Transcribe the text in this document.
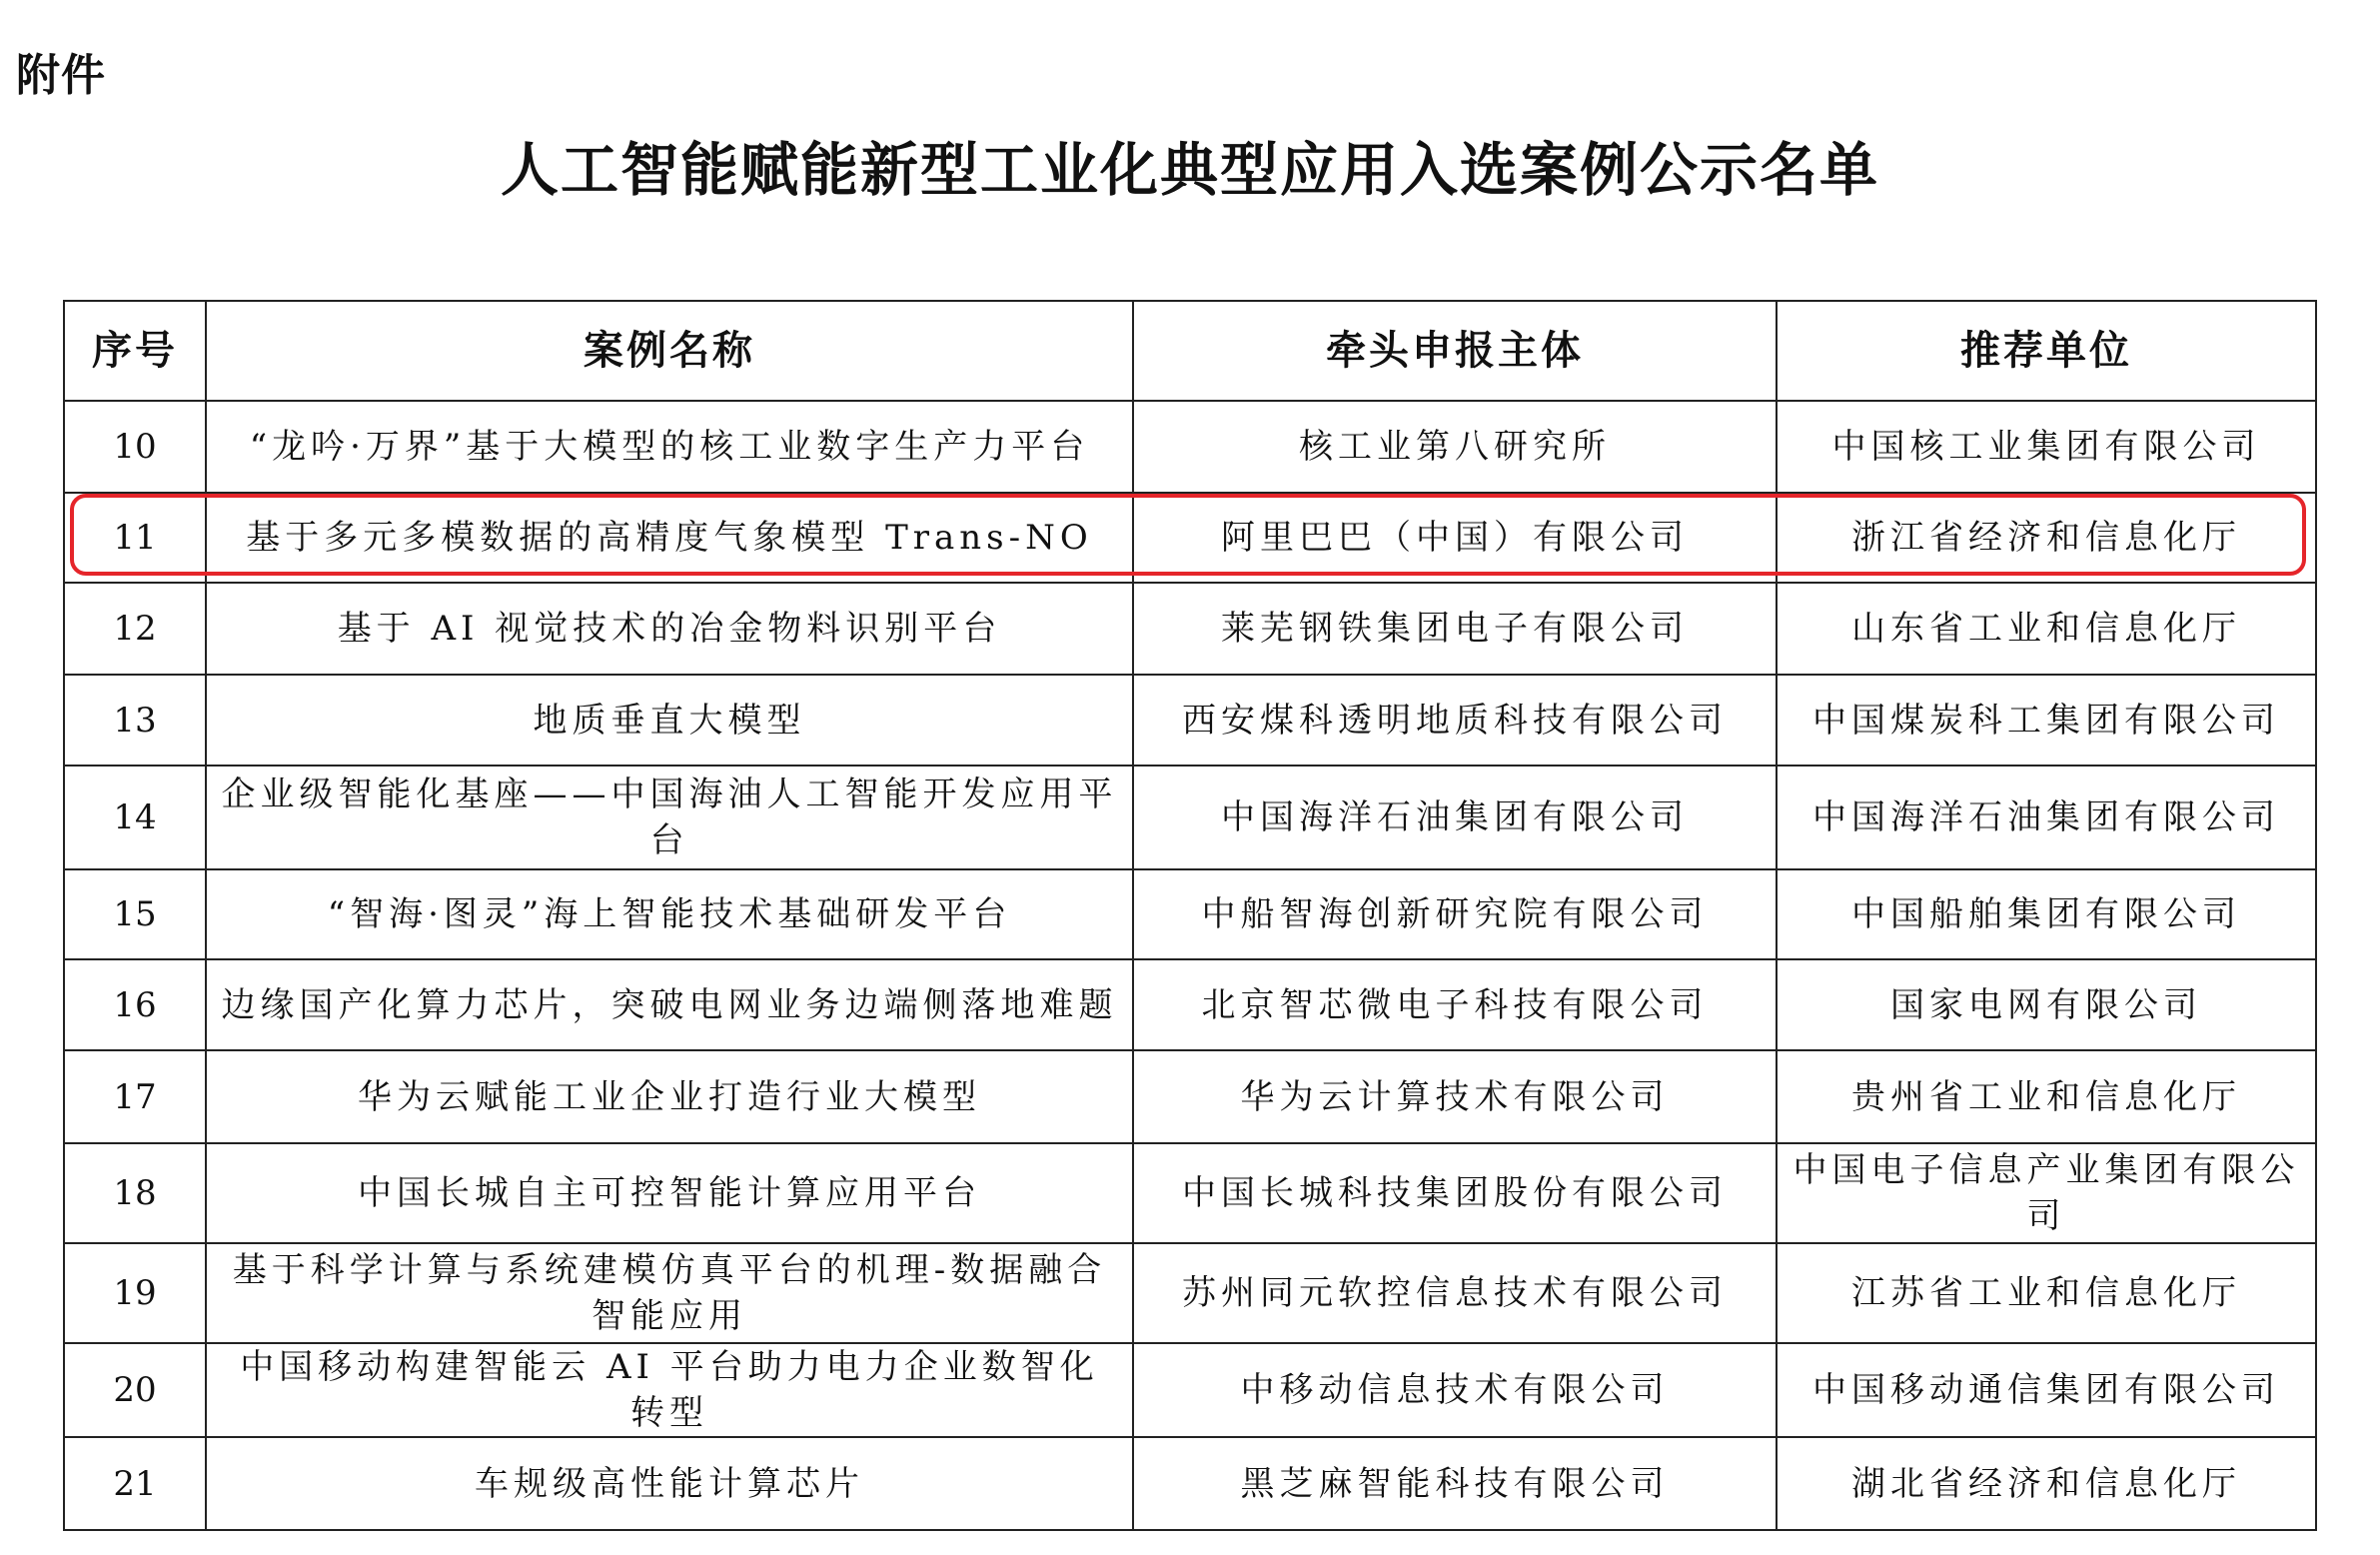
附件
人工智能赋能新型工业化典型应用入选案例公示名单
序号	案例名称	牵头申报主体	推荐单位
10	“龙吟·万界”基于大模型的核工业数字生产力平台	核工业第八研究所	中国核工业集团有限公司
11	基于多元多模数据的高精度气象模型 Trans-NO	阿里巴巴（中国）有限公司	浙江省经济和信息化厅
12	基于 AI 视觉技术的冶金物料识别平台	莱芜钢铁集团电子有限公司	山东省工业和信息化厅
13	地质垂直大模型	西安煤科透明地质科技有限公司	中国煤炭科工集团有限公司
14	企业级智能化基座——中国海油人工智能开发应用平台	中国海洋石油集团有限公司	中国海洋石油集团有限公司
15	“智海·图灵”海上智能技术基础研发平台	中船智海创新研究院有限公司	中国船舶集团有限公司
16	边缘国产化算力芯片，突破电网业务边端侧落地难题	北京智芯微电子科技有限公司	国家电网有限公司
17	华为云赋能工业企业打造行业大模型	华为云计算技术有限公司	贵州省工业和信息化厅
18	中国长城自主可控智能计算应用平台	中国长城科技集团股份有限公司	中国电子信息产业集团有限公司
19	基于科学计算与系统建模仿真平台的机理-数据融合智能应用	苏州同元软控信息技术有限公司	江苏省工业和信息化厅
20	中国移动构建智能云 AI 平台助力电力企业数智化转型	中移动信息技术有限公司	中国移动通信集团有限公司
21	车规级高性能计算芯片	黑芝麻智能科技有限公司	湖北省经济和信息化厅
